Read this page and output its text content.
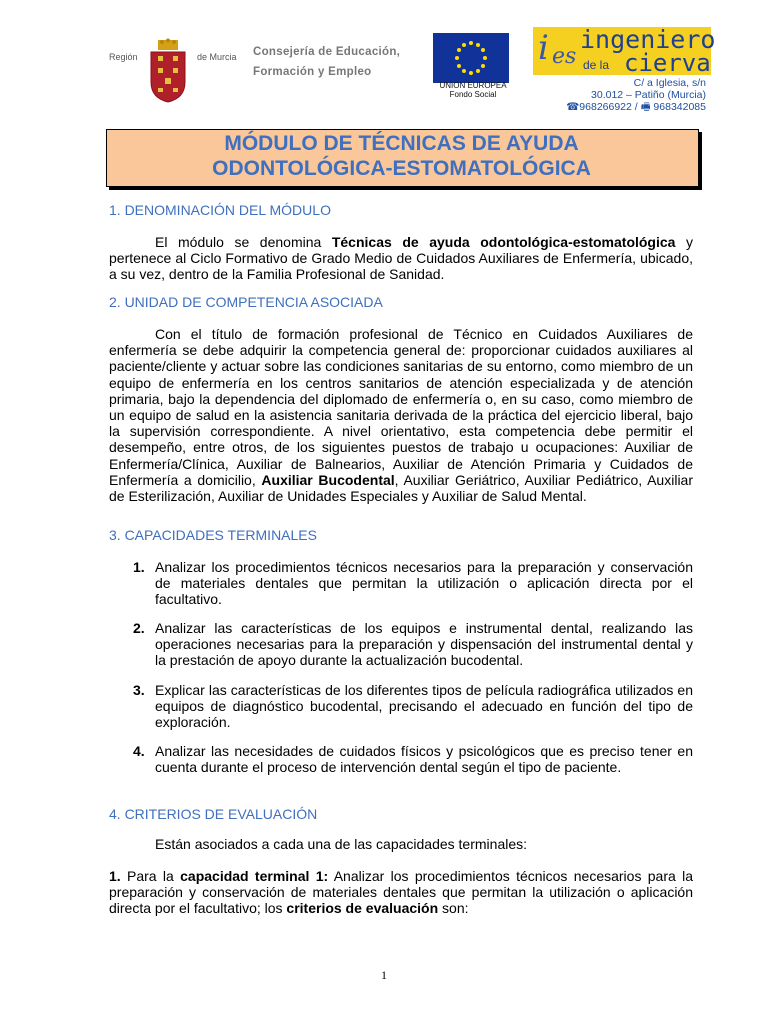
Región	de Murcia Consejería de Educación,
Formación y Empleo
UNION EUROPEA
Fondo Social
i es
ingeniero
de la cierva
C/ a Iglesia, s/n
30.012 – Patiño (Murcia)
☎968266922 / 🖷 968342085
MÓDULO DE TÉCNICAS DE AYUDA
ODONTOLÓGICA-ESTOMATOLÓGICA
1. DENOMINACIÓN DEL MÓDULO
El módulo se denomina Técnicas de ayuda odontológica-estomatológica y pertenece al Ciclo Formativo de Grado Medio de Cuidados Auxiliares de Enfermería, ubicado, a su vez, dentro de la Familia Profesional de Sanidad.
2. UNIDAD DE COMPETENCIA ASOCIADA
Con el título de formación profesional de Técnico en Cuidados Auxiliares de enfermería se debe adquirir la competencia general de: proporcionar cuidados auxiliares al paciente/cliente y actuar sobre las condiciones sanitarias de su entorno, como miembro de un equipo de enfermería en los centros sanitarios de atención especializada y de atención primaria, bajo la dependencia del diplomado de enfermería o, en su caso, como miembro de un equipo de salud en la asistencia sanitaria derivada de la práctica del ejercicio liberal, bajo la supervisión correspondiente. A nivel orientativo, esta competencia debe permitir el desempeño, entre otros, de los siguientes puestos de trabajo u ocupaciones: Auxiliar de Enfermería/Clínica, Auxiliar de Balnearios, Auxiliar de Atención Primaria y Cuidados de Enfermería a domicilio, Auxiliar Bucodental, Auxiliar Geriátrico, Auxiliar Pediátrico, Auxiliar de Esterilización, Auxiliar de Unidades Especiales y Auxiliar de Salud Mental.
3. CAPACIDADES TERMINALES
1. Analizar los procedimientos técnicos necesarios para la preparación y conservación de materiales dentales que permitan la utilización o aplicación directa por el facultativo.
2. Analizar las características de los equipos e instrumental dental, realizando las operaciones necesarias para la preparación y dispensación del instrumental dental y la prestación de apoyo durante la actualización bucodental.
3. Explicar las características de los diferentes tipos de película radiográfica utilizados en equipos de diagnóstico bucodental, precisando el adecuado en función del tipo de exploración.
4. Analizar las necesidades de cuidados físicos y psicológicos que es preciso tener en cuenta durante el proceso de intervención dental según el tipo de paciente.
4. CRITERIOS DE EVALUACIÓN
Están asociados a cada una de las capacidades terminales:
1. Para la capacidad terminal 1: Analizar los procedimientos técnicos necesarios para la preparación y conservación de materiales dentales que permitan la utilización o aplicación directa por el facultativo; los criterios de evaluación son:
1
